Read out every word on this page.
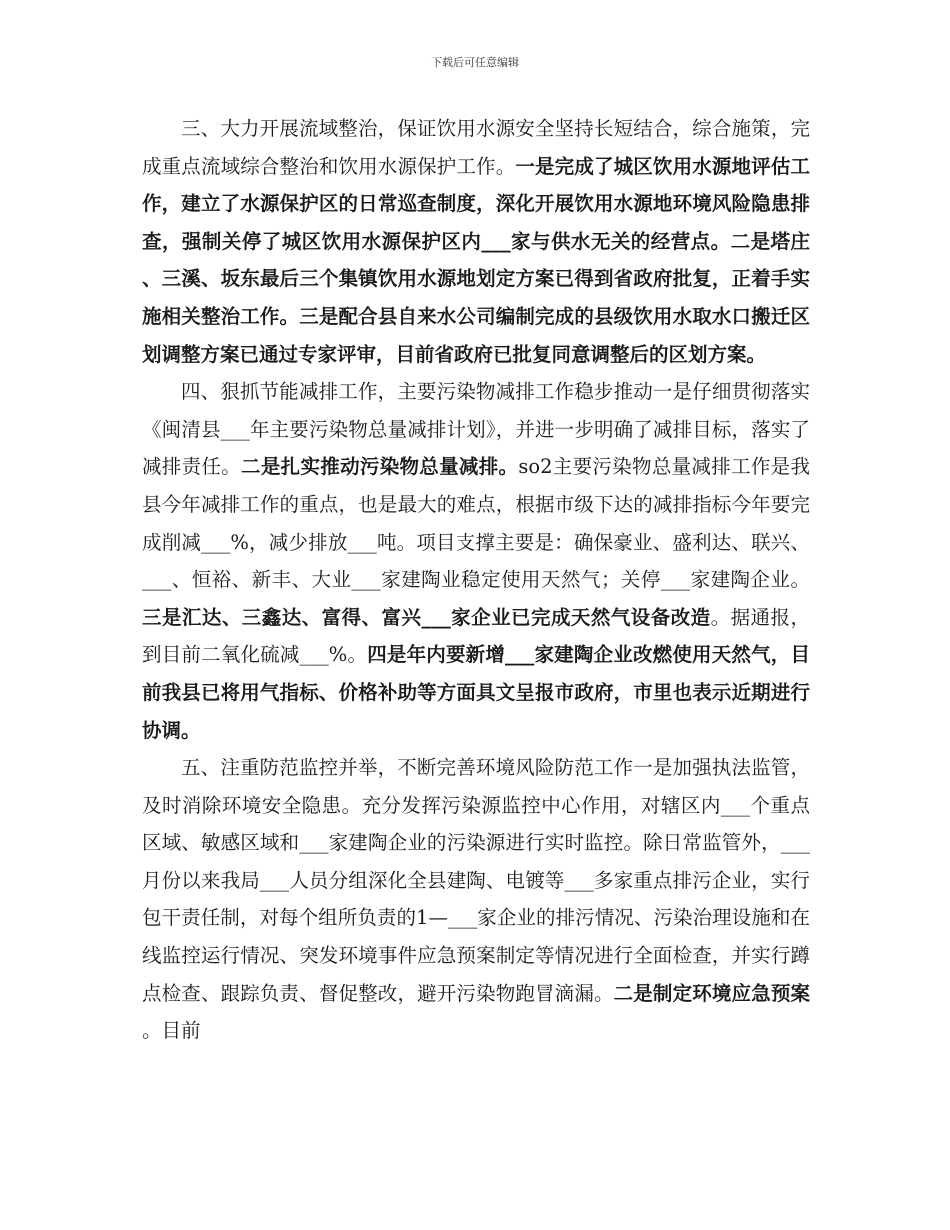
下载后可任意编辑

三、大力开展流域整治，保证饮用水源安全坚持长短结合，综合施策，完成重点流域综合整治和饮用水源保护工作。一是完成了城区饮用水源地评估工作，建立了水源保护区的日常巡查制度，深化开展饮用水源地环境风险隐患排查，强制关停了城区饮用水源保护区内___家与供水无关的经营点。二是塔庄、三溪、坂东最后三个集镇饮用水源地划定方案已得到省政府批复，正着手实施相关整治工作。三是配合县自来水公司编制完成的县级饮用水取水口搬迁区划调整方案已通过专家评审，目前省政府已批复同意调整后的区划方案。

四、狠抓节能减排工作，主要污染物减排工作稳步推动一是仔细贯彻落实《闽清县___年主要污染物总量减排计划》，并进一步明确了减排目标，落实了减排责任。二是扎实推动污染物总量减排。so2主要污染物总量减排工作是我县今年减排工作的重点，也是最大的难点，根据市级下达的减排指标今年要完成削减___%，减少排放___吨。项目支撑主要是：确保豪业、盛利达、联兴、___、恒裕、新丰、大业___家建陶业稳定使用天然气；关停___家建陶企业。三是汇达、三鑫达、富得、富兴___家企业已完成天然气设备改造。据通报，到目前二氧化硫减___%。四是年内要新增___家建陶企业改燃使用天然气，目前我县已将用气指标、价格补助等方面具文呈报市政府，市里也表示近期进行协调。

五、注重防范监控并举，不断完善环境风险防范工作一是加强执法监管，及时消除环境安全隐患。充分发挥污染源监控中心作用，对辖区内___个重点区域、敏感区域和___家建陶企业的污染源进行实时监控。除日常监管外，___月份以来我局___人员分组深化全县建陶、电镀等___多家重点排污企业，实行包干责任制，对每个组所负责的1—___家企业的排污情况、污染治理设施和在线监控运行情况、突发环境事件应急预案制定等情况进行全面检查，并实行蹲点检查、跟踪负责、督促整改，避开污染物跑冒滴漏。二是制定环境应急预案。目前
